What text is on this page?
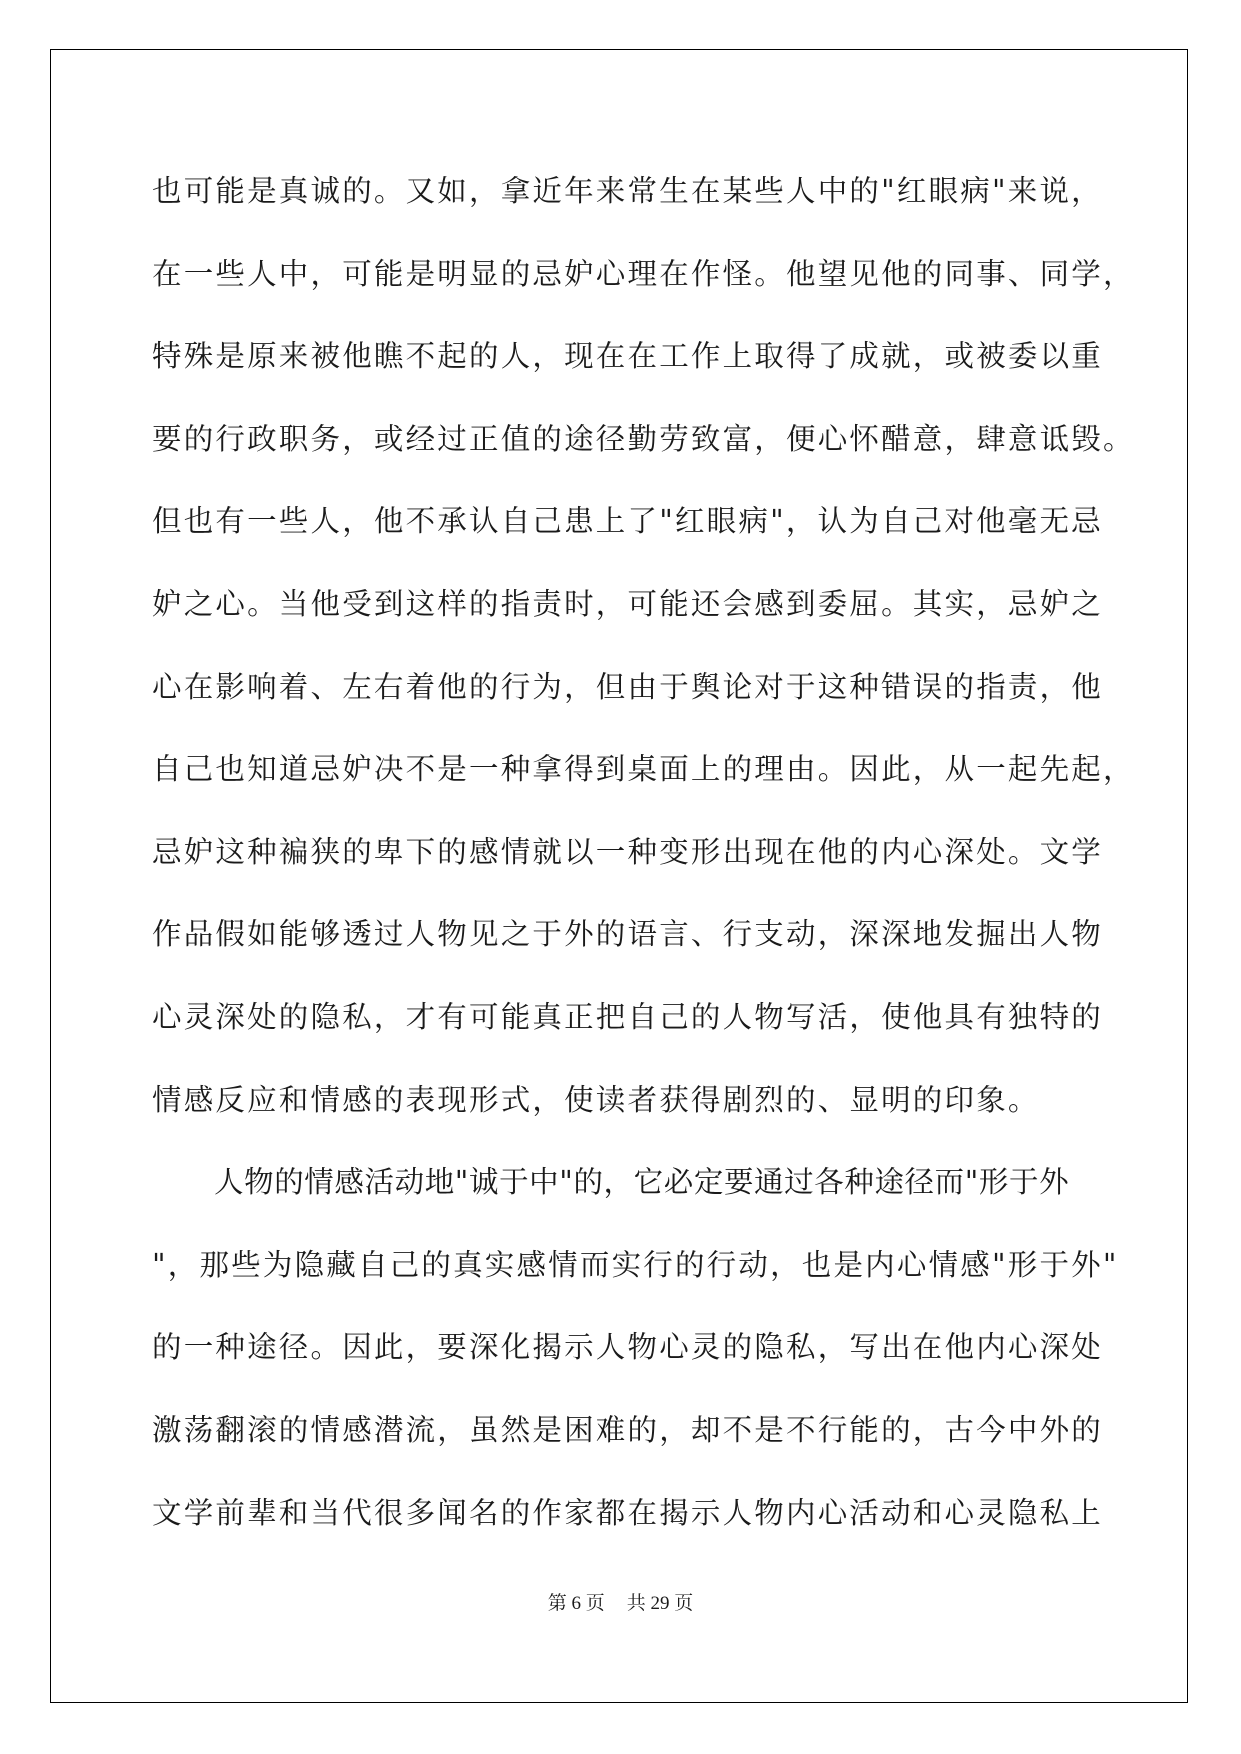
也可能是真诚的。又如，拿近年来常生在某些人中的"红眼病"来说，
在一些人中，可能是明显的忌妒心理在作怪。他望见他的同事、同学，
特殊是原来被他瞧不起的人，现在在工作上取得了成就，或被委以重
要的行政职务，或经过正值的途径勤劳致富，便心怀醋意，肆意诋毁。
但也有一些人，他不承认自己患上了"红眼病"，认为自己对他毫无忌
妒之心。当他受到这样的指责时，可能还会感到委屈。其实，忌妒之
心在影响着、左右着他的行为，但由于舆论对于这种错误的指责，他
自己也知道忌妒决不是一种拿得到桌面上的理由。因此，从一起先起，
忌妒这种褊狭的卑下的感情就以一种变形出现在他的内心深处。文学
作品假如能够透过人物见之于外的语言、行支动，深深地发掘出人物
心灵深处的隐私，才有可能真正把自己的人物写活，使他具有独特的
情感反应和情感的表现形式，使读者获得剧烈的、显明的印象。
人物的情感活动地"诚于中"的，它必定要通过各种途径而"形于外
"，那些为隐藏自己的真实感情而实行的行动，也是内心情感"形于外"
的一种途径。因此，要深化揭示人物心灵的隐私，写出在他内心深处
激荡翻滚的情感潜流，虽然是困难的，却不是不行能的，古今中外的
文学前辈和当代很多闻名的作家都在揭示人物内心活动和心灵隐私上
第 6 页 共 29 页
